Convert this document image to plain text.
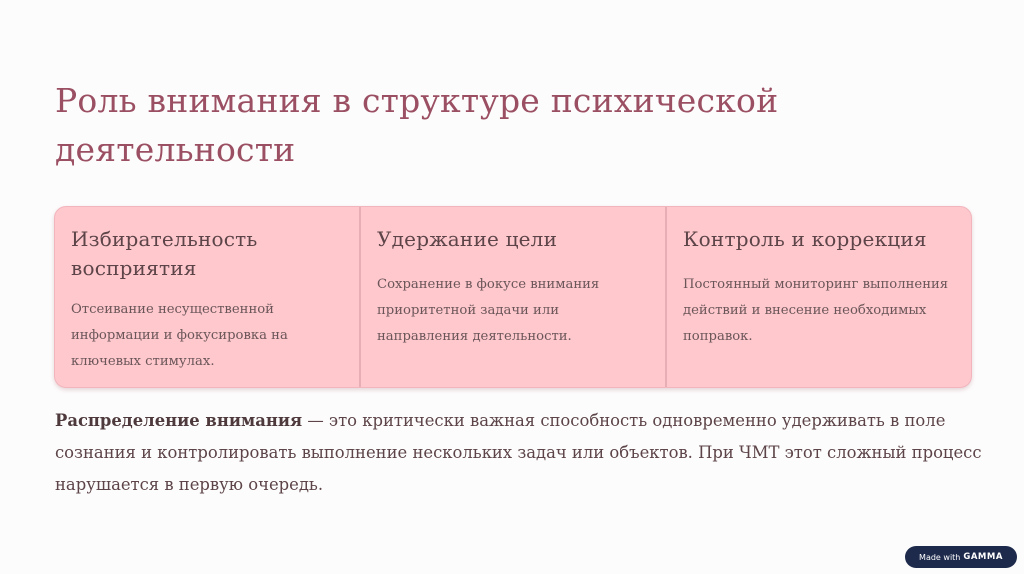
Роль внимания в структуре психической деятельности

Избирательность восприятия

Отсеивание несущественной информации и фокусировка на ключевых стимулах.

Удержание цели

Сохранение в фокусе внимания приоритетной задачи или направления деятельности.

Контроль и коррекция

Постоянный мониторинг выполнения действий и внесение необходимых поправок.

Распределение внимания — это критически важная способность одновременно удерживать в поле сознания и контролировать выполнение нескольких задач или объектов. При ЧМТ этот сложный процесс нарушается в первую очередь.

Made with GAMMA
